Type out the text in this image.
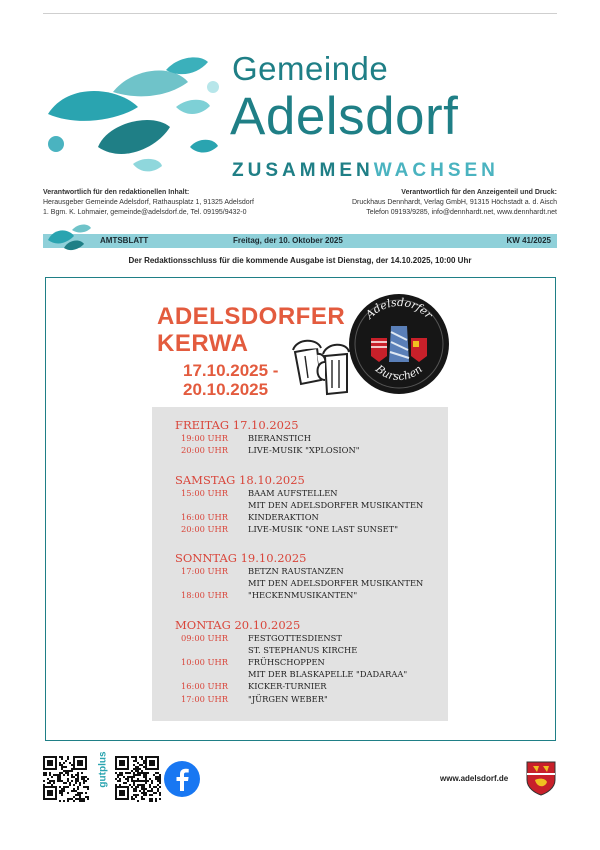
Gemeinde
Adelsdorf
ZUSAMMENWACHSEN
Verantwortlich für den redaktionellen Inhalt:
Herausgeber Gemeinde Adelsdorf, Rathausplatz 1, 91325 Adelsdorf
1. Bgm. K. Lohmaier, gemeinde@adelsdorf.de, Tel. 09195/9432-0
Verantwortlich für den Anzeigenteil und Druck:
Druckhaus Dennhardt, Verlag GmbH, 91315 Höchstadt a. d. Aisch
Telefon 09193/9285, info@dennhardt.net, www.dennhardt.net
AMTSBLATT	Freitag, der 10. Oktober 2025	KW 41/2025
Der Redaktionsschluss für die kommende Ausgabe ist Dienstag, der 14.10.2025, 10:00 Uhr
ADELSDORFER
KERWA
17.10.2025 -
20.10.2025
Adelsdorfer
Burschen
FREITAG 17.10.2025
19:00 UHR BIERANSTICH
20:00 UHR LIVE-MUSIK "XPLOSION"
SAMSTAG 18.10.2025
15:00 UHR BAAM AUFSTELLEN
MIT DEN ADELSDORFER MUSIKANTEN
16:00 UHR KINDERAKTION
20:00 UHR LIVE-MUSIK "ONE LAST SUNSET"
SONNTAG 19.10.2025
17:00 UHR BETZN RAUSTANZEN
MIT DEN ADELSDORFER MUSIKANTEN
18:00 UHR "HECKENMUSIKANTEN"
MONTAG 20.10.2025
09:00 UHR FESTGOTTESDIENST
ST. STEPHANUS KIRCHE
10:00 UHR FRÜHSCHOPPEN
MIT DER BLASKAPELLE "DADARAA"
16:00 UHR KICKER-TURNIER
17:00 UHR "JÜRGEN WEBER"
gutplus	www.adelsdorf.de
